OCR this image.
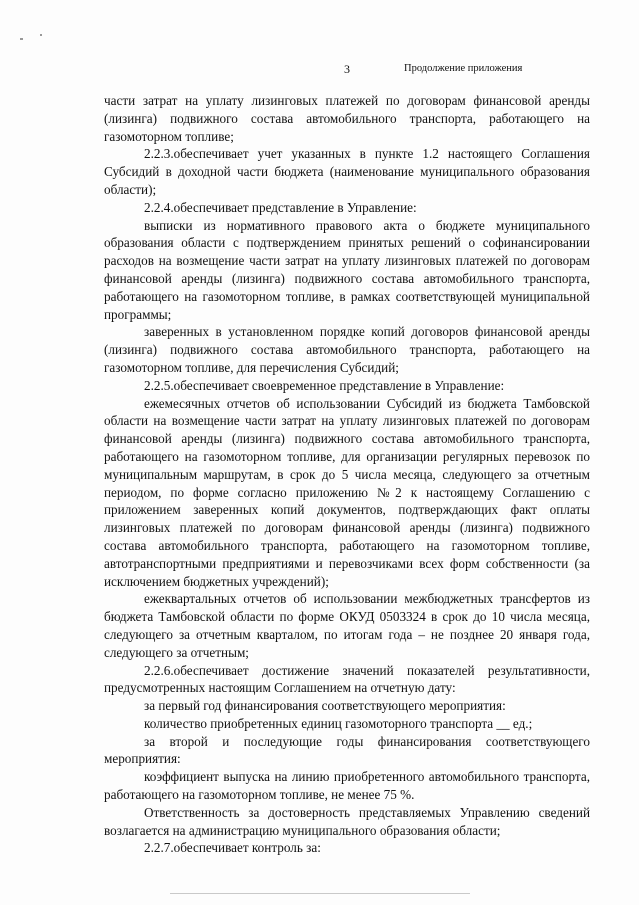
3	Продолжение приложения

части затрат на уплату лизинговых платежей по договорам финансовой аренды (лизинга) подвижного состава автомобильного транспорта, работающего на газомоторном топливе;

2.2.3.обеспечивает учет указанных в пункте 1.2 настоящего Соглашения Субсидий в доходной части бюджета (наименование муниципального образования области);

2.2.4.обеспечивает представление в Управление:

выписки из нормативного правового акта о бюджете муниципального образования области с подтверждением принятых решений о софинансировании расходов на возмещение части затрат на уплату лизинговых платежей по договорам финансовой аренды (лизинга) подвижного состава автомобильного транспорта, работающего на газомоторном топливе, в рамках соответствующей муниципальной программы;

заверенных в установленном порядке копий договоров финансовой аренды (лизинга) подвижного состава автомобильного транспорта, работающего на газомоторном топливе, для перечисления Субсидий;

2.2.5.обеспечивает своевременное представление в Управление:

ежемесячных отчетов об использовании Субсидий из бюджета Тамбовской области на возмещение части затрат на уплату лизинговых платежей по договорам финансовой аренды (лизинга) подвижного состава автомобильного транспорта, работающего на газомоторном топливе, для организации регулярных перевозок по муниципальным маршрутам, в срок до 5 числа месяца, следующего за отчетным периодом, по форме согласно приложению №2 к настоящему Соглашению с приложением заверенных копий документов, подтверждающих факт оплаты лизинговых платежей по договорам финансовой аренды (лизинга) подвижного состава автомобильного транспорта, работающего на газомоторном топливе, автотранспортными предприятиями и перевозчиками всех форм собственности (за исключением бюджетных учреждений);

ежеквартальных отчетов об использовании межбюджетных трансфертов из бюджета Тамбовской области по форме ОКУД 0503324 в срок до 10 числа месяца, следующего за отчетным кварталом, по итогам года – не позднее 20 января года, следующего за отчетным;

2.2.6.обеспечивает достижение значений показателей результативности, предусмотренных настоящим Соглашением на отчетную дату:

за первый год финансирования соответствующего мероприятия:

количество приобретенных единиц газомоторного транспорта __ ед.;

за второй и последующие годы финансирования соответствующего мероприятия:

коэффициент выпуска на линию приобретенного автомобильного транспорта, работающего на газомоторном топливе, не менее 75 %.

Ответственность за достоверность представляемых Управлению сведений возлагается на администрацию муниципального образования области;

2.2.7.обеспечивает контроль за:
